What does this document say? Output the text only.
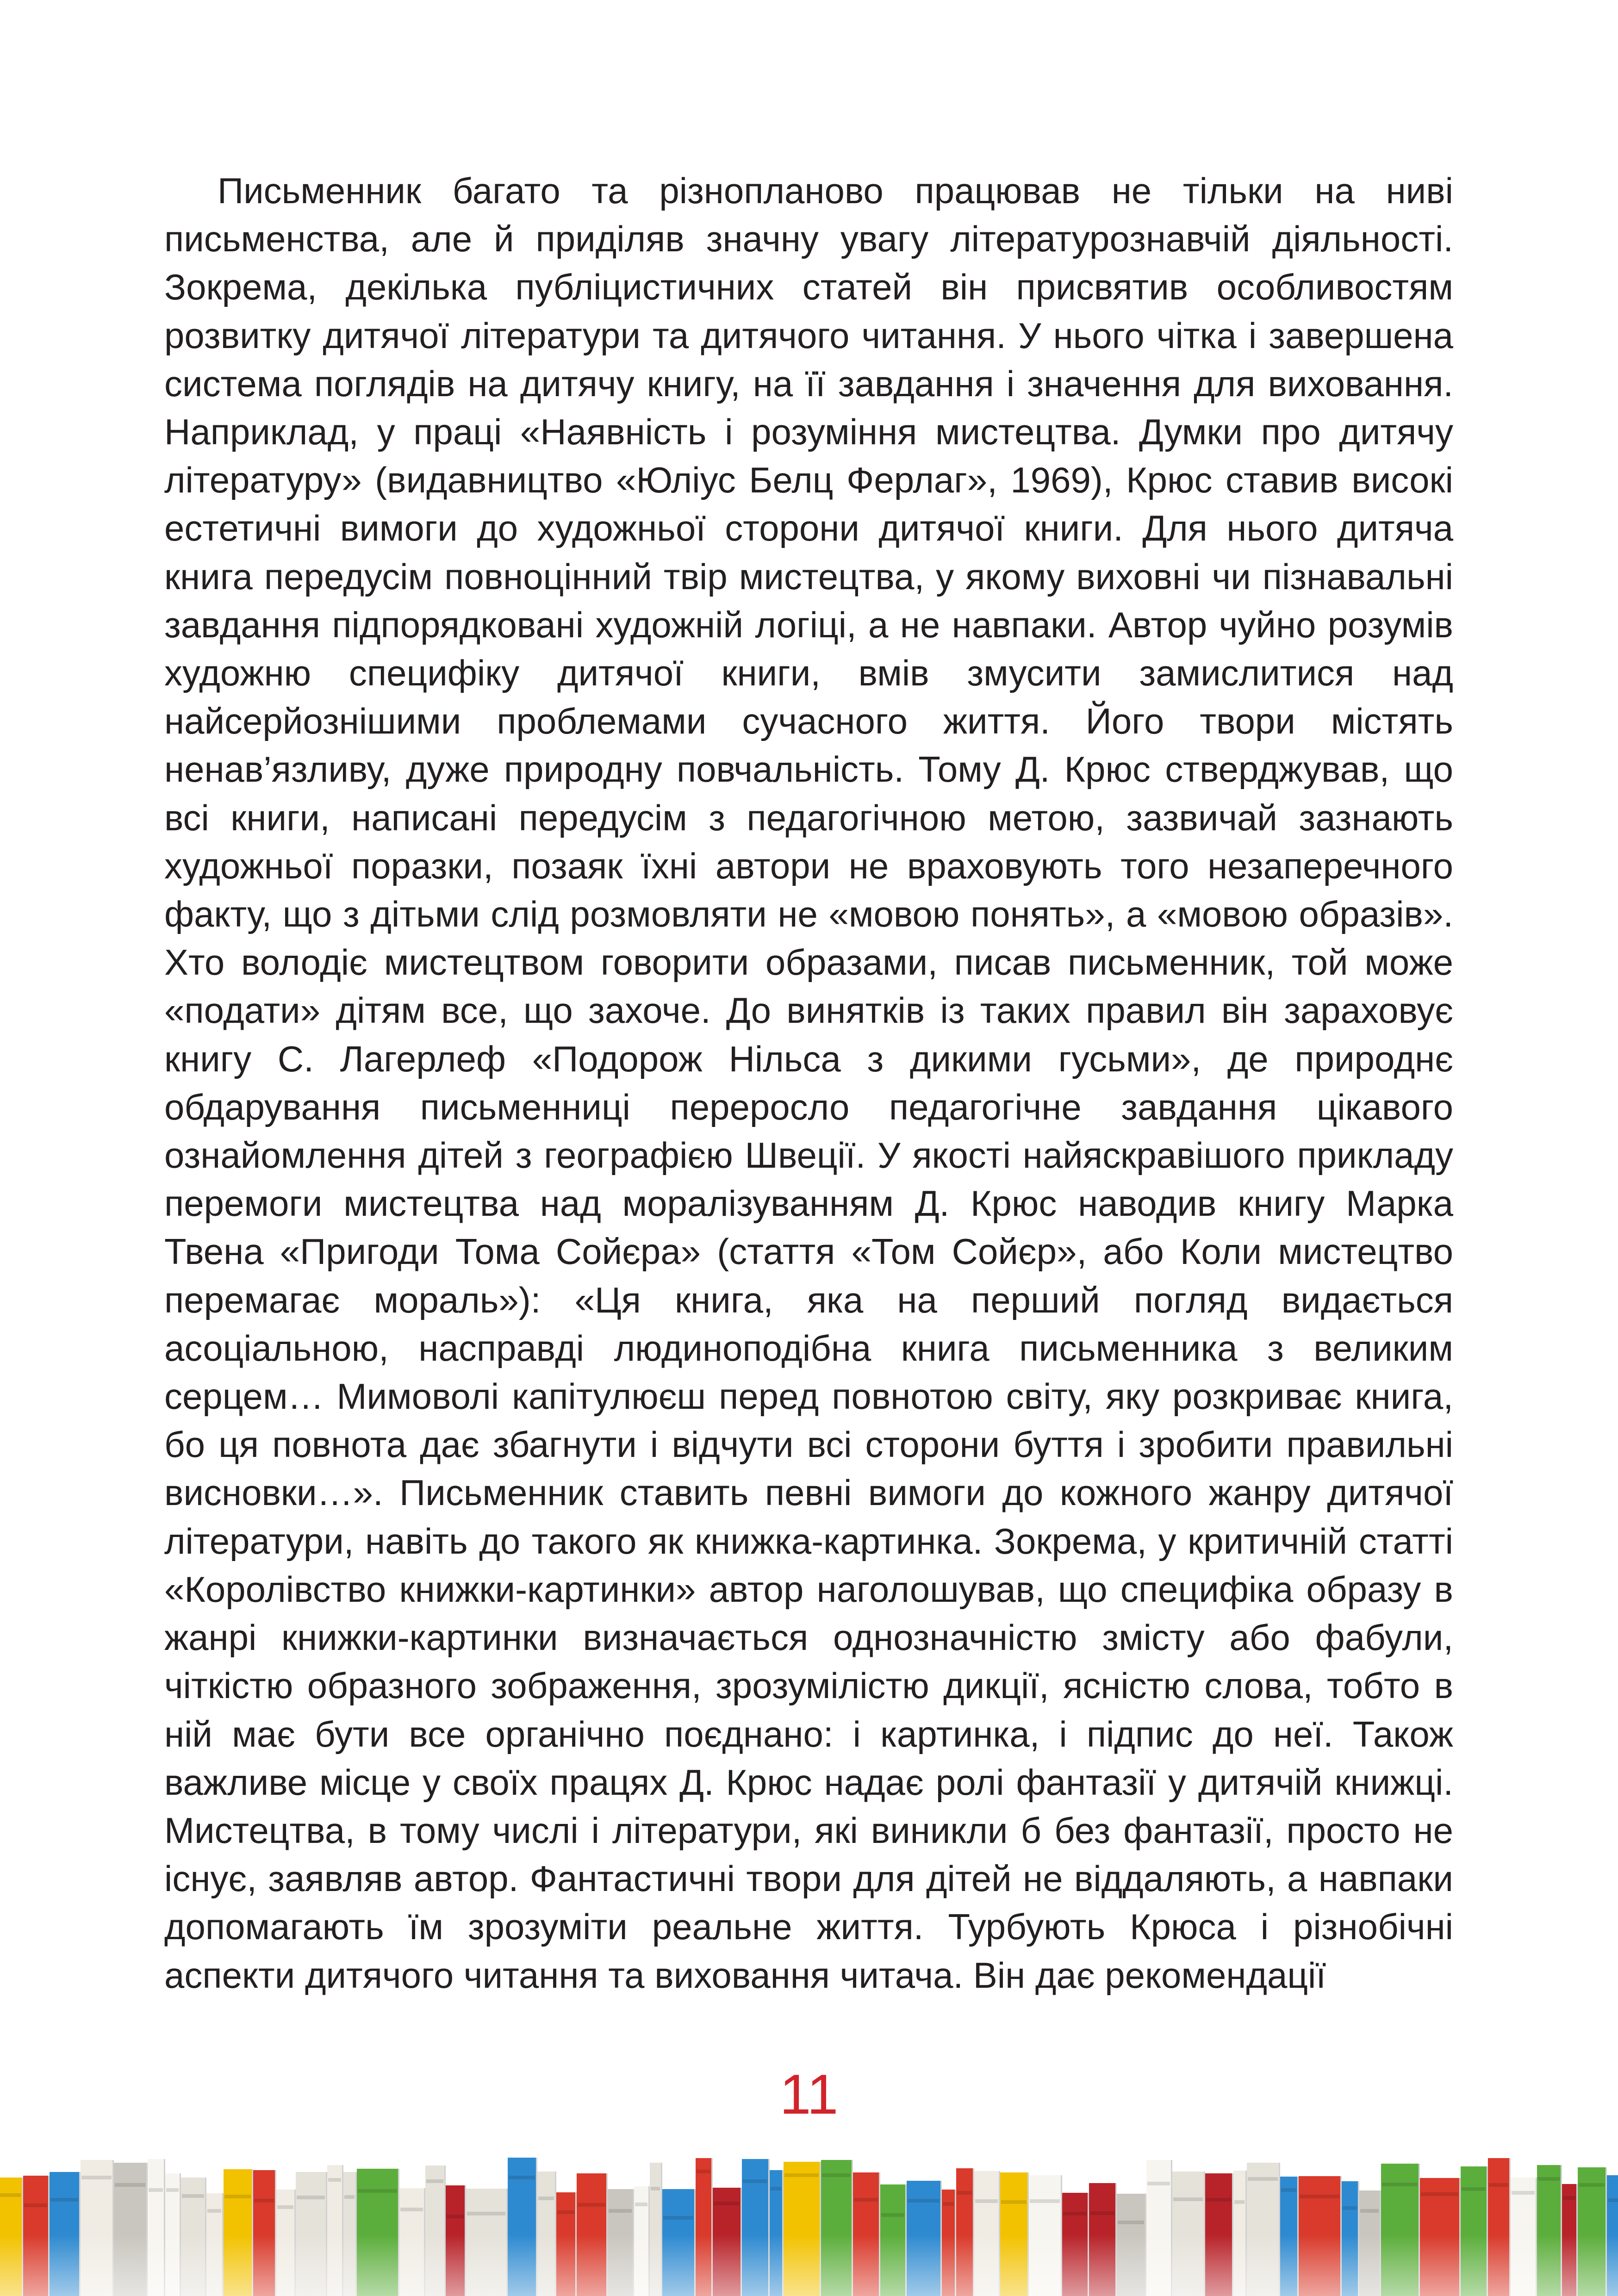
Письменник багато та різнопланово працював не тільки на ниві письменства, але й приділяв значну увагу літературознавчій діяльності. Зокрема, декілька публіцистичних статей він присвятив особливостям розвитку дитячої літератури та дитячого читання. У нього чітка і завершена система поглядів на дитячу книгу, на її завдання і значення для виховання. Наприклад, у праці «Наявність і розуміння мистецтва. Думки про дитячу літературу» (видавництво «Юліус Белц Ферлаг», 1969), Крюс ставив високі естетичні вимоги до художньої сторони дитячої книги. Для нього дитяча книга передусім повноцінний твір мистецтва, у якому виховні чи пізнавальні завдання підпорядковані художній логіці, а не навпаки. Автор чуйно розумів художню специфіку дитячої книги, вмів змусити замислитися над найсерйознішими проблемами сучасного життя. Його твори містять ненав’язливу, дуже природну повчальність. Тому Д. Крюс стверджував, що всі книги, написані передусім з педагогічною метою, зазвичай зазнають художньої поразки, позаяк їхні автори не враховують того незаперечного факту, що з дітьми слід розмовляти не «мовою понять», а «мовою образів». Хто володіє мистецтвом говорити образами, писав письменник, той може «подати» дітям все, що захоче. До винятків із таких правил він зараховує книгу С. Лагерлеф «Подорож Нільса з дикими гусьми», де природнє обдарування письменниці переросло педагогічне завдання цікавого ознайомлення дітей з географією Швеції. У якості найяскравішого прикладу перемоги мистецтва над моралізуванням Д. Крюс наводив книгу Марка Твена «Пригоди Тома Сойєра» (стаття «Том Сойєр», або Коли мистецтво перемагає мораль»): «Ця книга, яка на перший погляд видається асоціальною, насправді людиноподібна книга письменника з великим серцем… Мимоволі капітулюєш перед повнотою світу, яку розкриває книга, бо ця повнота дає збагнути і відчути всі сторони буття і зробити правильні висновки…». Письменник ставить певні вимоги до кожного жанру дитячої літератури, навіть до такого як книжка-картинка. Зокрема, у критичній статті «Королівство книжки-картинки» автор наголошував, що специфіка образу в жанрі книжки-картинки визначається однозначністю змісту або фабули, чіткістю образного зображення, зрозумілістю дикції, ясністю слова, тобто в ній має бути все органічно поєднано: і картинка, і підпис до неї. Також важливе місце у своїх працях Д. Крюс надає ролі фантазії у дитячій книжці. Мистецтва, в тому числі і літератури, які виникли б без фантазії, просто не існує, заявляв автор. Фантастичні твори для дітей не віддаляють, а навпаки допомагають їм зрозуміти реальне життя. Турбують Крюса і різнобічні аспекти дитячого читання та виховання читача. Він дає рекомендації

11
